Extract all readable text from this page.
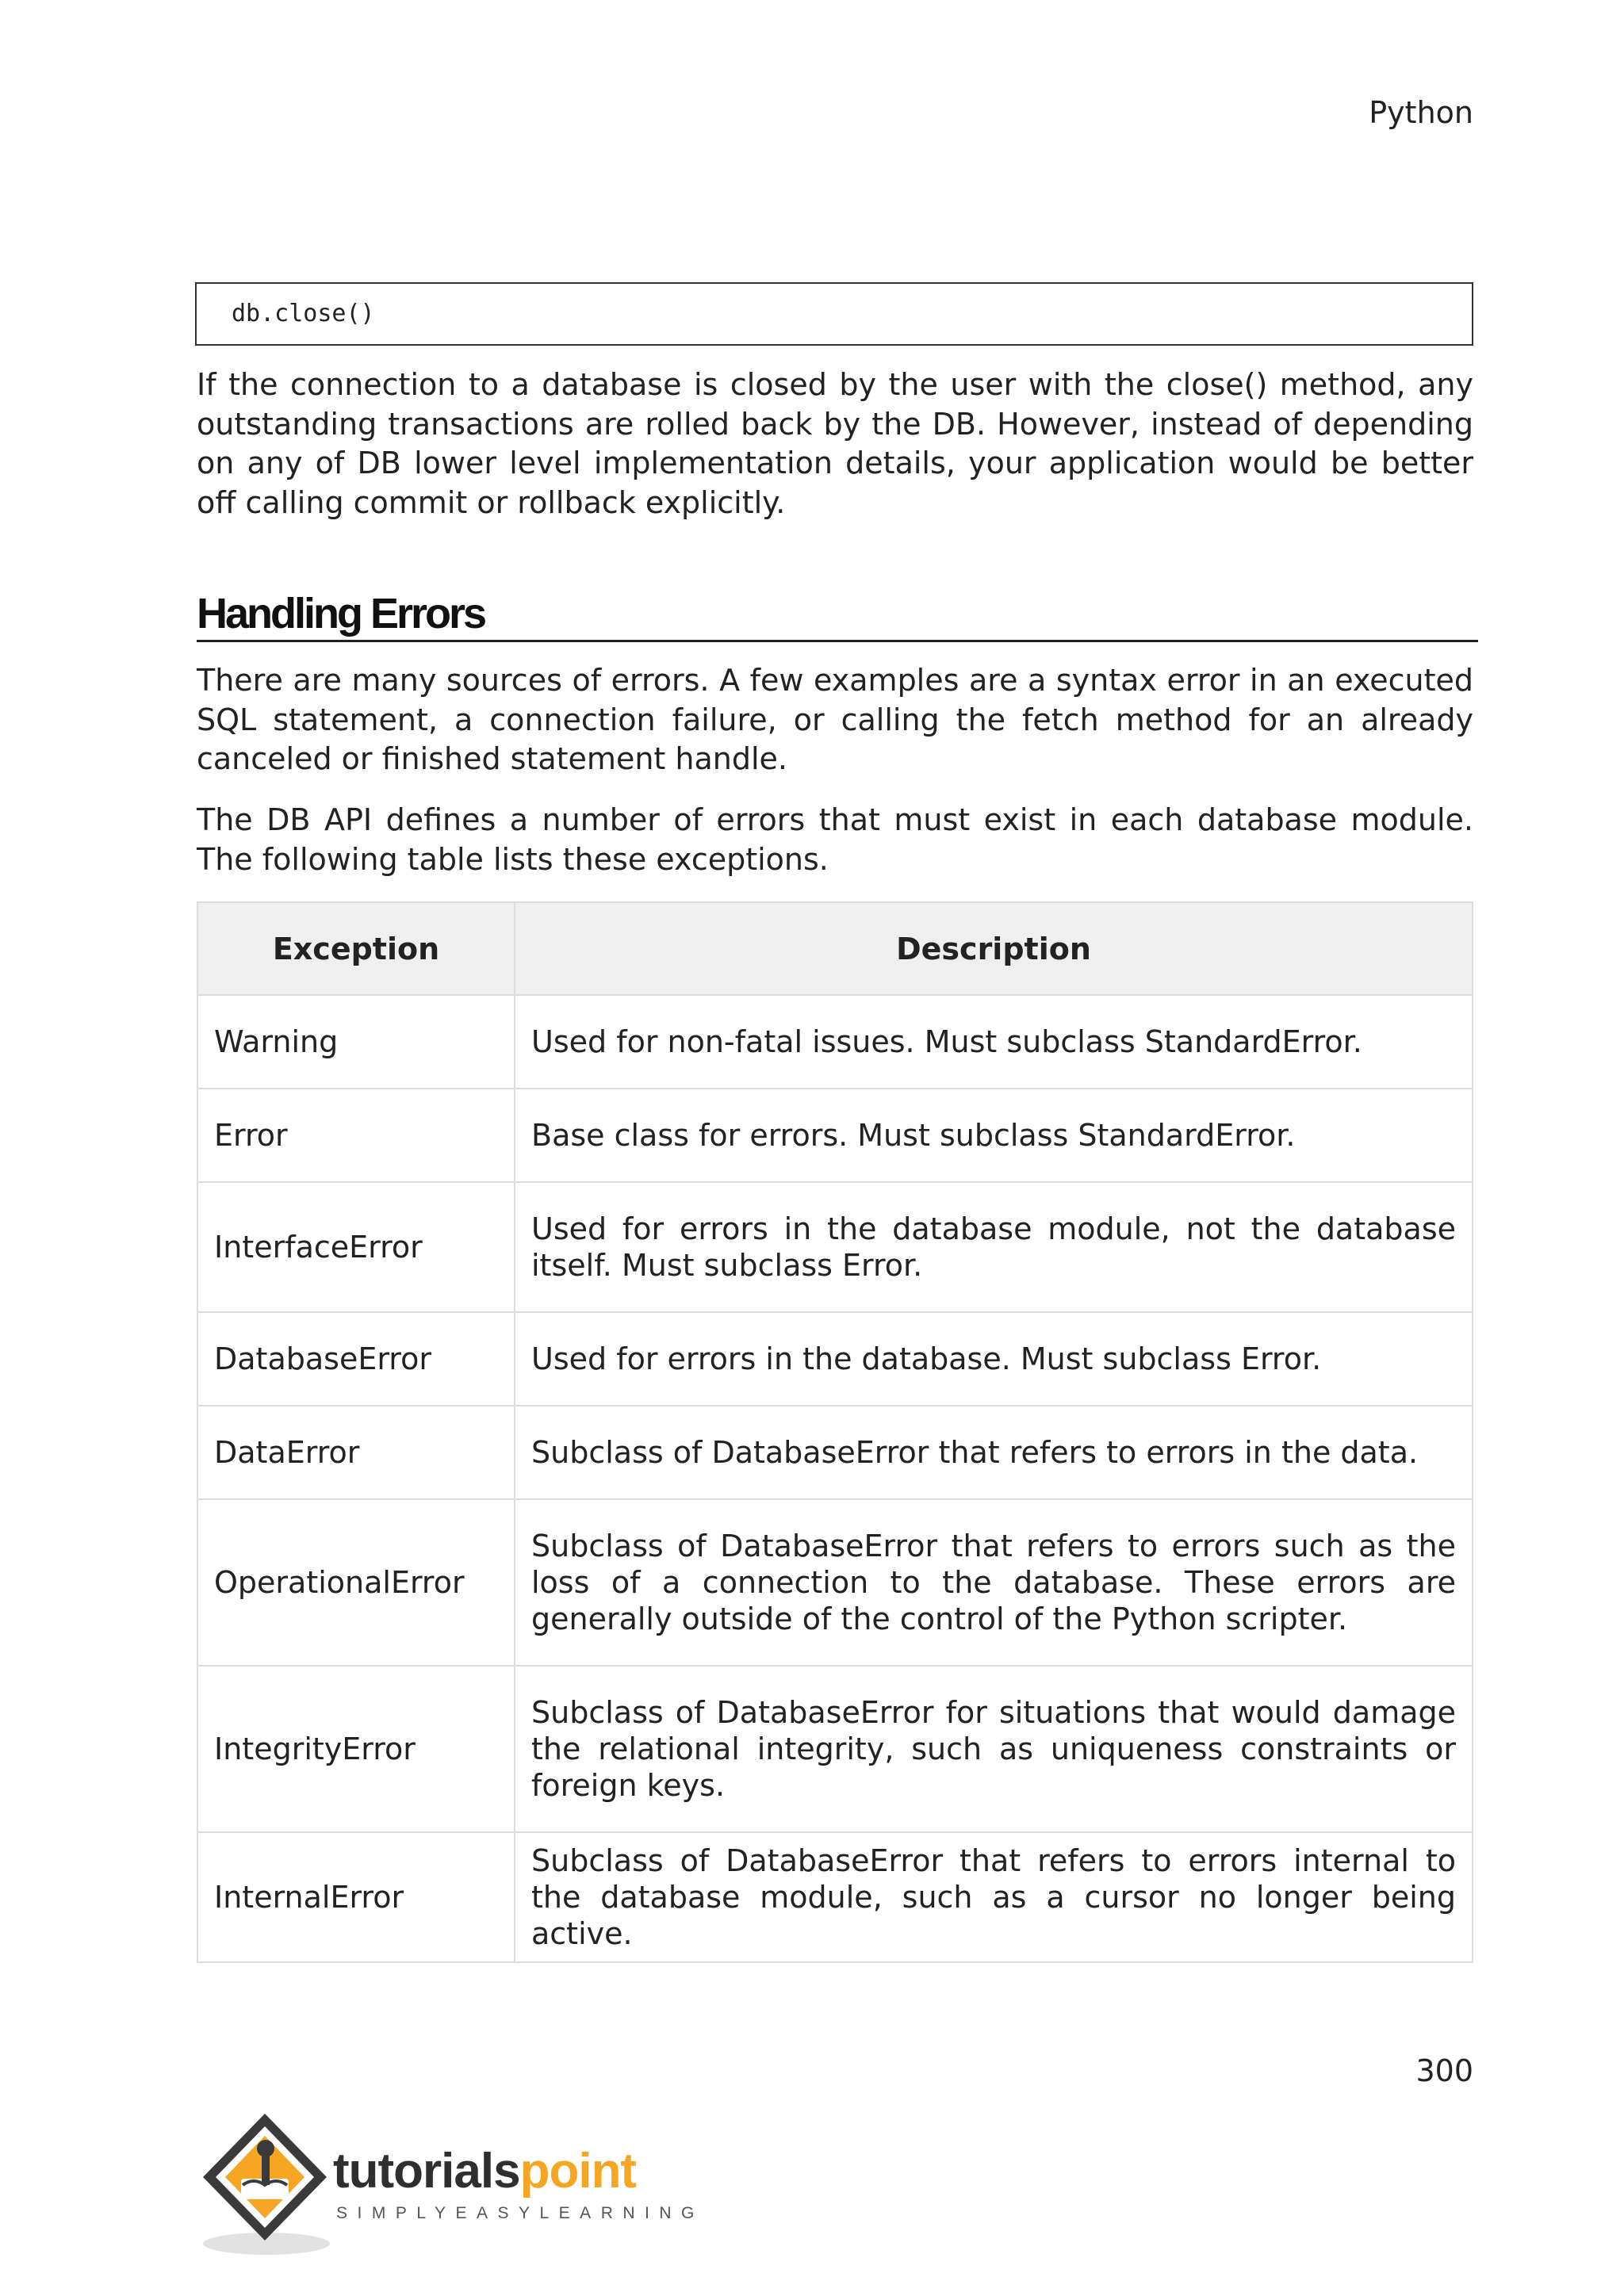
Python
db.close()

If the connection to a database is closed by the user with the close() method, any outstanding transactions are rolled back by the DB. However, instead of depending on any of DB lower level implementation details, your application would be better off calling commit or rollback explicitly.

Handling Errors

There are many sources of errors. A few examples are a syntax error in an executed SQL statement, a connection failure, or calling the fetch method for an already canceled or finished statement handle.

The DB API defines a number of errors that must exist in each database module. The following table lists these exceptions.

Exception	Description
Warning	Used for non-fatal issues. Must subclass StandardError.
Error	Base class for errors. Must subclass StandardError.
InterfaceError	Used for errors in the database module, not the database itself. Must subclass Error.
DatabaseError	Used for errors in the database. Must subclass Error.
DataError	Subclass of DatabaseError that refers to errors in the data.
OperationalError	Subclass of DatabaseError that refers to errors such as the loss of a connection to the database. These errors are generally outside of the control of the Python scripter.
IntegrityError	Subclass of DatabaseError for situations that would damage the relational integrity, such as uniqueness constraints or foreign keys.
InternalError	Subclass of DatabaseError that refers to errors internal to the database module, such as a cursor no longer being active.
300
tutorialspoint
SIMPLYEASYLEARNING
